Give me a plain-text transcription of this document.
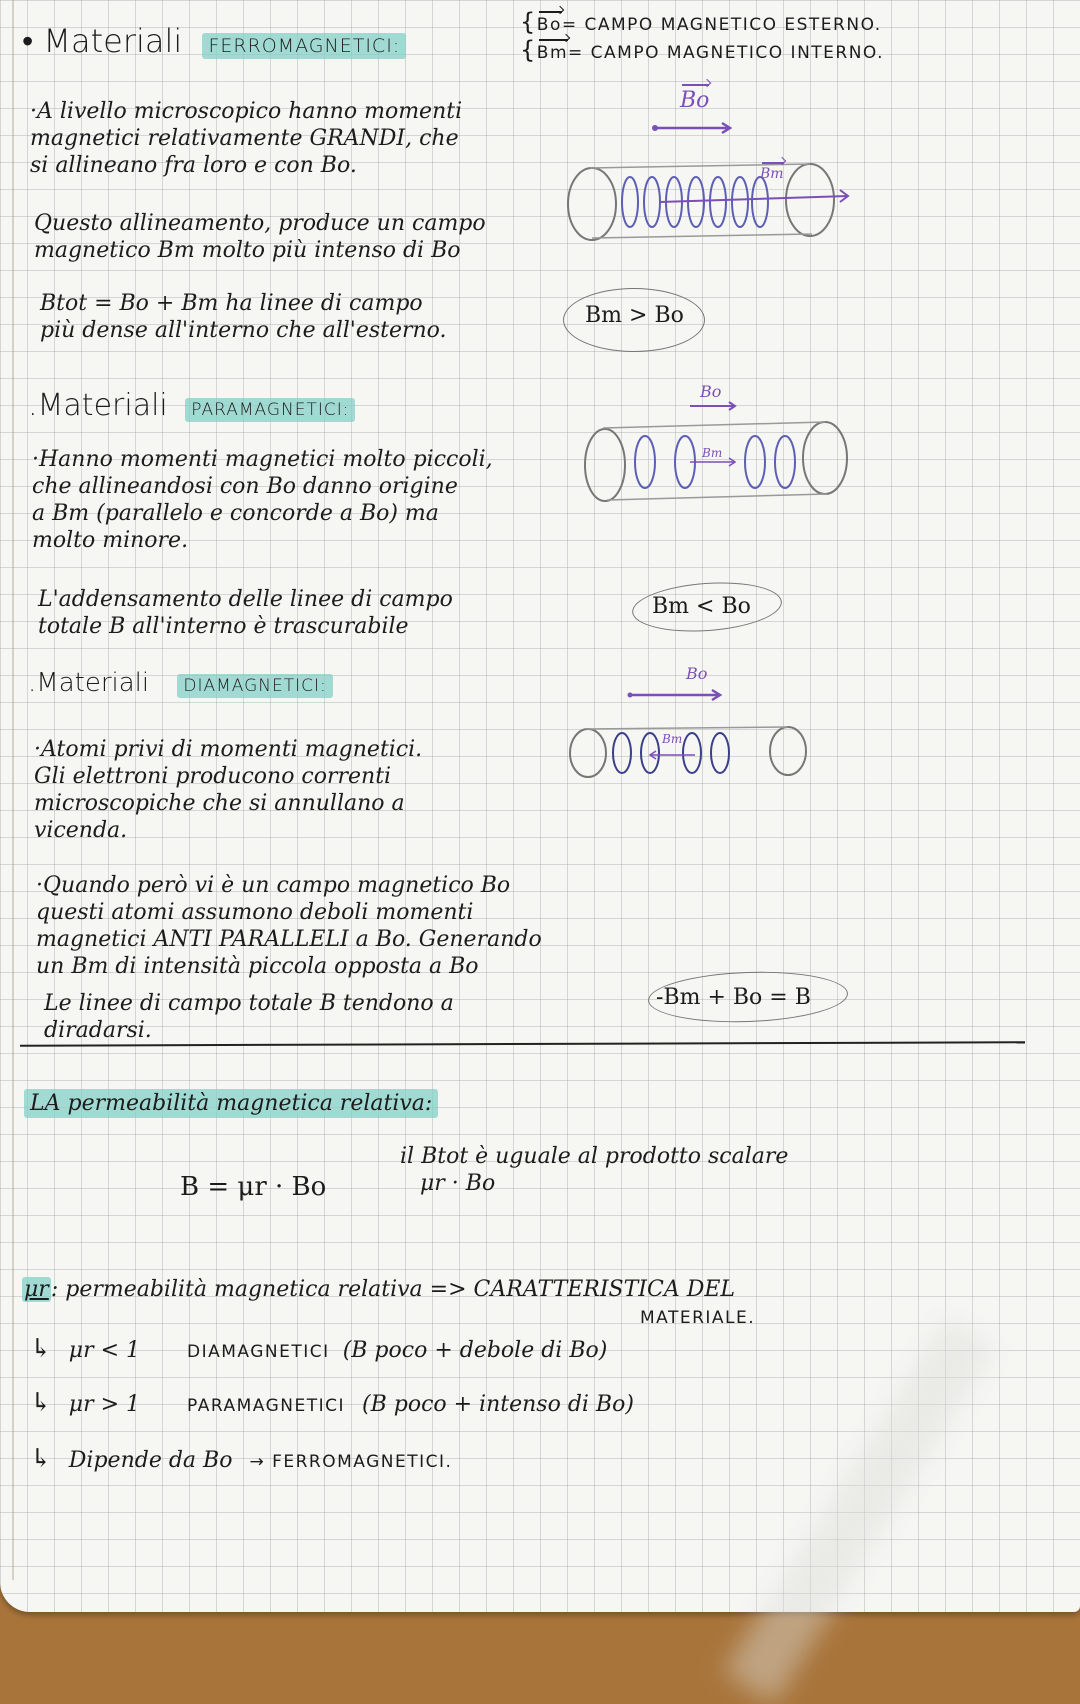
{Bo= CAMPO MAGNETICO ESTERNO.
{Bm= CAMPO MAGNETICO INTERNO.
• Materiali FERROMAGNETICI:
·A livello microscopico hanno momenti
magnetici relativamente GRANDI, che
si allineano fra loro e con Bo.
Questo allineamento, produce un campo
magnetico Bm molto più intenso di Bo
Btot = Bo + Bm ha linee di campo
più dense all'interno che all'esterno.
Bo
Bm
Bm > Bo
.Materiali PARAMAGNETICI:
·Hanno momenti magnetici molto piccoli,
che allineandosi con Bo danno origine
a Bm (parallelo e concorde a Bo) ma
molto minore.
L'addensamento delle linee di campo
totale B all'interno è trascurabile
Bo
Bm
Bm < Bo
.Materiali DIAMAGNETICI:
·Atomi privi di momenti magnetici.
Gli elettroni producono correnti
microscopiche che si annullano a
vicenda.
·Quando però vi è un campo magnetico Bo
questi atomi assumono deboli momenti
magnetici ANTI PARALLELI a Bo. Generando
un Bm di intensità piccola opposta a Bo
Le linee di campo totale B tendono a
diradarsi.
Bo
Bm
-Bm + Bo = B
LA permeabilità magnetica relativa:
B = μr · Bo
il Btot è uguale al prodotto scalare
μr · Bo
μr: permeabilità magnetica relativa => CARATTERISTICA DEL
MATERIALE.
↳ μr < 1	DIAMAGNETICI (B poco + debole di Bo)
↳ μr > 1	PARAMAGNETICI (B poco + intenso di Bo)
↳ Dipende da Bo → FERROMAGNETICI.
